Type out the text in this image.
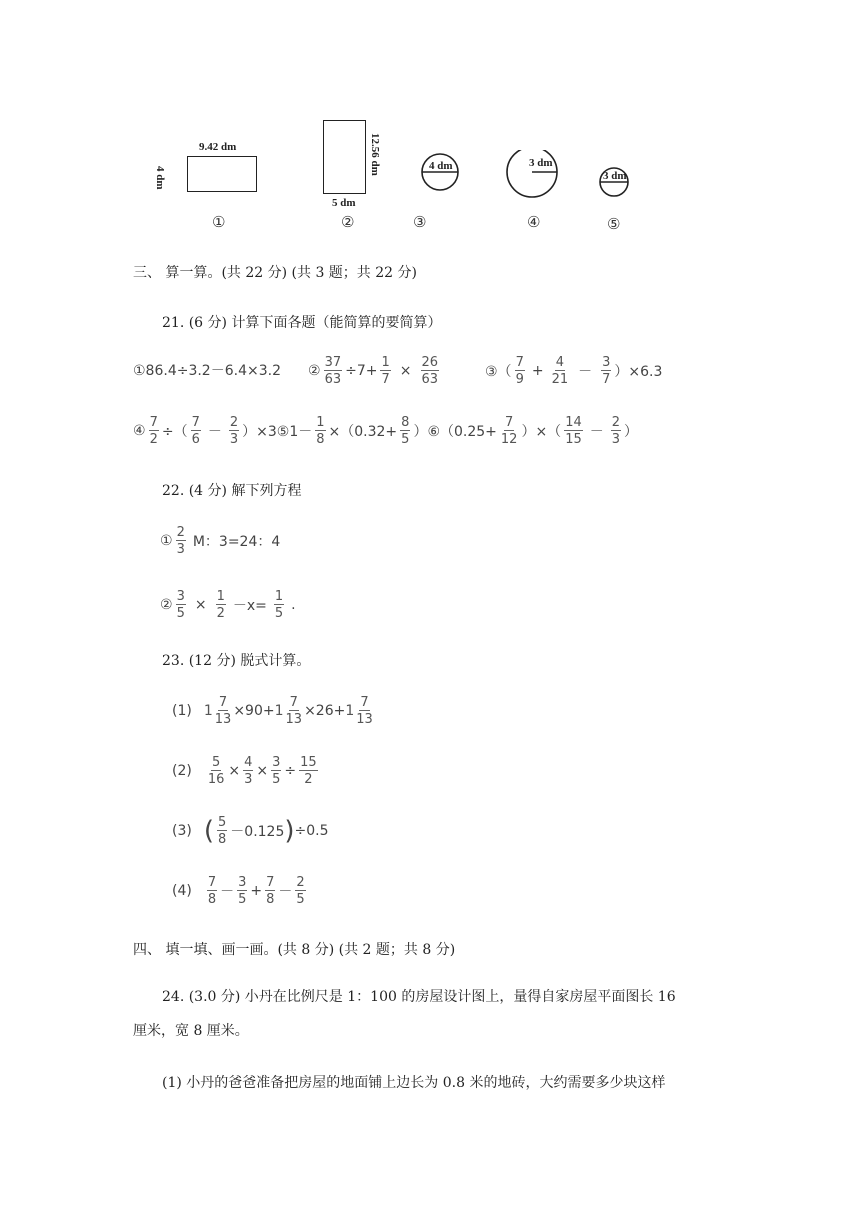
9.42 dm
4 dm
①
12.56 dm
5 dm
②
4 dm	3 dm
3 dm
③	④	⑤
三、 算一算。(共 22 分) (共 3 题；共 22 分)
21. (6 分) 计算下面各题（能简算的要简算）
①86.4÷3.2－6.4×3.2 ② $\frac{37}{63} \div 7+ \frac{1}{7} \times \frac{26}{63}$	③（
7
9
+ $\frac{4}{21}$ －
3
7 ）×6.3
④ $\frac{7}{2}$ ÷（
7
6 －
2
3 ）×3⑤1－ $\frac{1}{8} \times(0.32+ \frac{8}{5}$ ）⑥（0.25+ $\frac{7}{12}$ ）×（
14
15 －
2
3 ）
22. (4 分) 解下列方程
①
2
3 M：3=24：4
② $\frac{3}{5} \times \frac{1}{2} -x= \frac{1}{5}$ .
23. (12 分) 脱式计算。
(1) 1
7
13
×90+ 1
7
13
×26+ 1
7
13
$(2) \frac{5}{16} \times \frac{4}{3} \times \frac{3}{5} \div \frac{15}{2}$
(3) ( 5
8 －0.125 ) ÷0.5
(4)
7
8 －
3
5
+ $\frac{7}{8}$ －
2
5
四、 填一填、画一画。(共 8 分) (共 2 题；共 8 分)
24. (3.0 分) 小丹在比例尺是 1：100 的房屋设计图上，量得自家房屋平面图长 16
厘米，宽 8 厘米。
(1) 小丹的爸爸准备把房屋的地面铺上边长为 0.8 米的地砖，大约需要多少块这样
